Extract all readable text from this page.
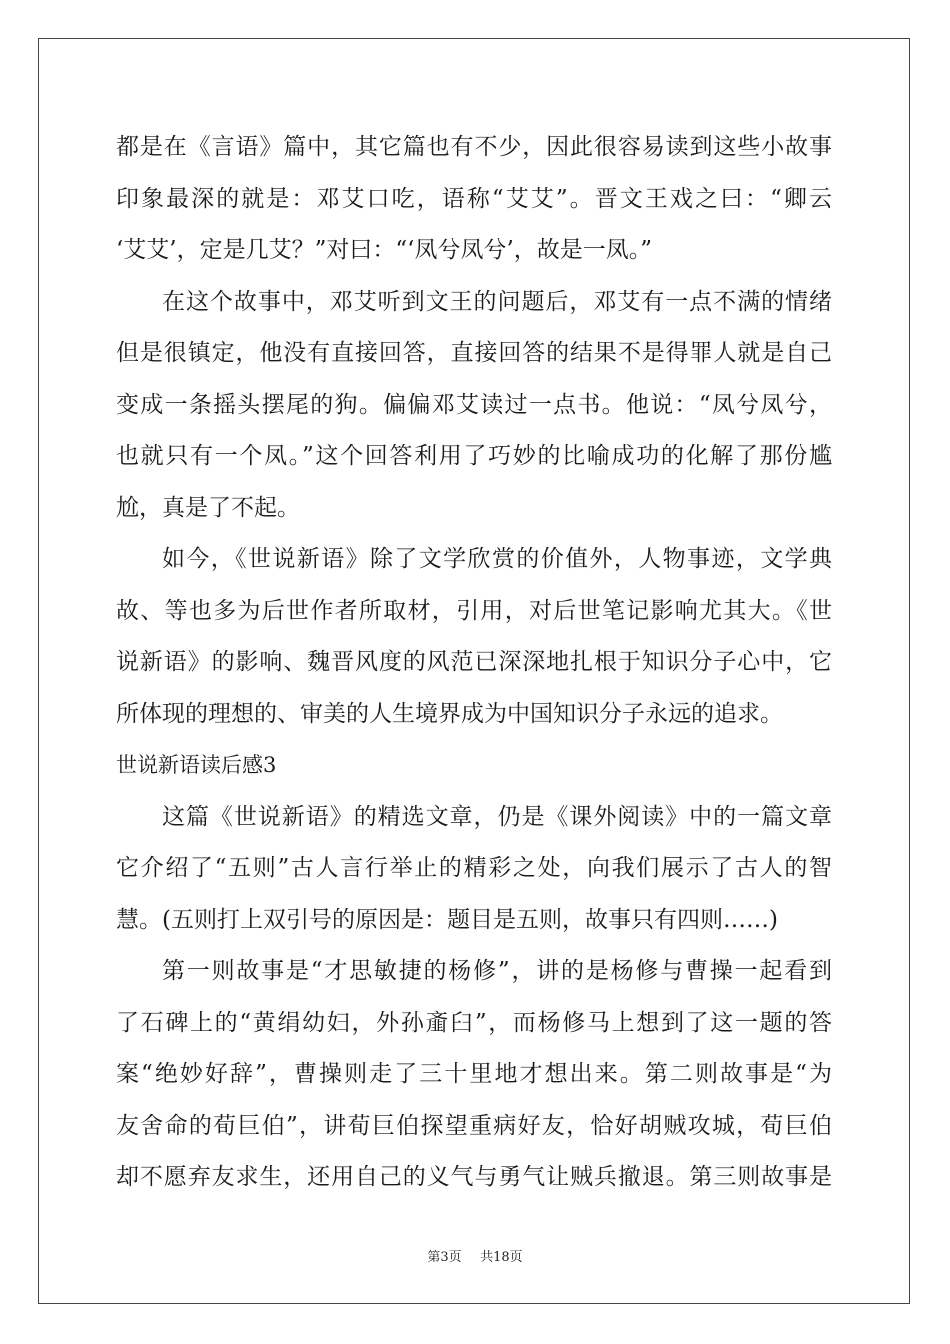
都是在《言语》篇中，其它篇也有不少，因此很容易读到这些小故事
印象最深的就是：邓艾口吃，语称“艾艾”。晋文王戏之曰：“卿云
‘艾艾’，定是几艾？”对曰：“‘凤兮凤兮’，故是一凤。”
在这个故事中，邓艾听到文王的问题后，邓艾有一点不满的情绪
但是很镇定，他没有直接回答，直接回答的结果不是得罪人就是自己
变成一条摇头摆尾的狗。偏偏邓艾读过一点书。他说：“凤兮凤兮，
也就只有一个凤。”这个回答利用了巧妙的比喻成功的化解了那份尴
尬，真是了不起。
如今，《世说新语》除了文学欣赏的价值外，人物事迹，文学典
故、等也多为后世作者所取材，引用，对后世笔记影响尤其大。《世
说新语》的影响、魏晋风度的风范已深深地扎根于知识分子心中，它
所体现的理想的、审美的人生境界成为中国知识分子永远的追求。
世说新语读后感3
这篇《世说新语》的精选文章，仍是《课外阅读》中的一篇文章
它介绍了“五则”古人言行举止的精彩之处，向我们展示了古人的智
慧。(五则打上双引号的原因是：题目是五则，故事只有四则……)
第一则故事是“才思敏捷的杨修”，讲的是杨修与曹操一起看到
了石碑上的“黄绢幼妇，外孙齑臼”，而杨修马上想到了这一题的答
案“绝妙好辞”，曹操则走了三十里地才想出来。第二则故事是“为
友舍命的荀巨伯”，讲荀巨伯探望重病好友，恰好胡贼攻城，荀巨伯
却不愿弃友求生，还用自己的义气与勇气让贼兵撤退。第三则故事是
第3页 共18页
